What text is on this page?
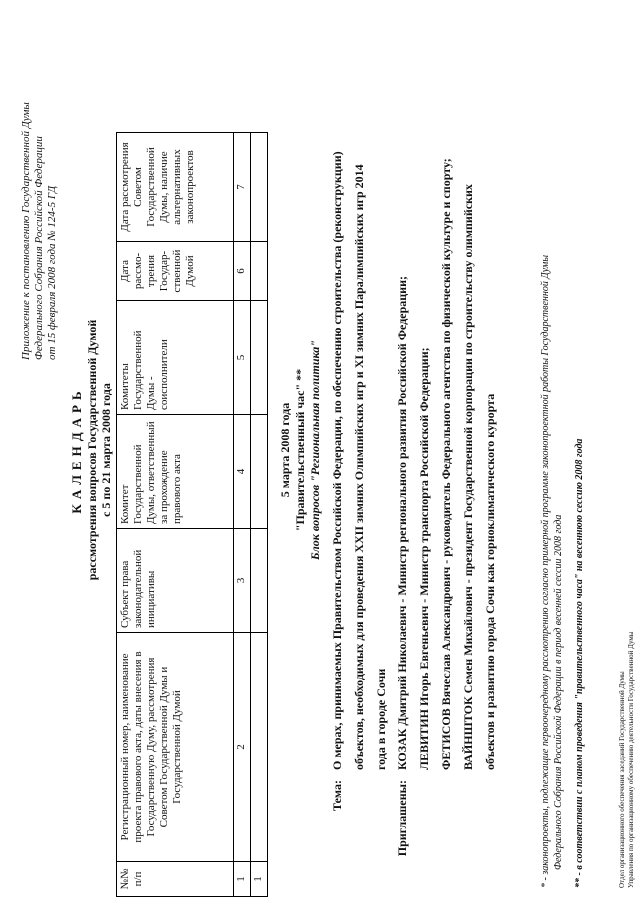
Приложение к постановлению Государственной Думы Федерального Собрания Российской Федерации от 15 февраля 2008 года № 124-5 ГД
КАЛЕНДАРЬ рассмотрения вопросов Государственной Думой с 5 по 21 марта 2008 года
№№ п/п	Регистрационный номер, наименование проекта правового акта, даты внесения в Государственную Думу, рассмотрения Советом Государственной Думы и Государственной Думой	Субъект права законодательной инициативы	Комитет Государственной Думы, ответственный за прохождение правового акта	Комитеты Государственной Думы - соисполнители	Дата рассмо-трения Государ-ственной Думой	Дата рассмотрения Советом Государственной Думы, наличие альтернативных законопроектов
1	2	3	4	5	6	7
1						
5 марта 2008 года "Правительственный час" ** Блок вопросов "Региональная политика"
Тема:
О мерах, принимаемых Правительством Российской Федерации, по обеспечению строительства (реконструкции) объектов, необходимых для проведения XXII зимних Олимпийских игр и XI зимних Паралимпийских игр 2014 года в городе Сочи
Приглашены:
КОЗАК Дмитрий Николаевич - Министр регионального развития Российской Федерации; ЛЕВИТИН Игорь Евгеньевич - Министр транспорта Российской Федерации; ФЕТИСОВ Вячеслав Александрович - руководитель Федерального агентства по физической культуре и спорту; ВАЙНШТОК Семен Михайлович - президент Государственной корпорации по строительству олимпийских объектов и развитию города Сочи как горноклиматического курорта	* - законопроекты, подлежащие первоочередному рассмотрению согласно примерной программе законопроектной работы Государственной Думы Федерального Собрания Российской Федерации в период весенней сессии 2008 года ** - в соответствии с планом проведения "правительственного часа" на весеннюю сессию 2008 года	Отдел организационного обеспечения заседаний Государственной Думы Управления по организационному обеспечению деятельности Государственной Думы
